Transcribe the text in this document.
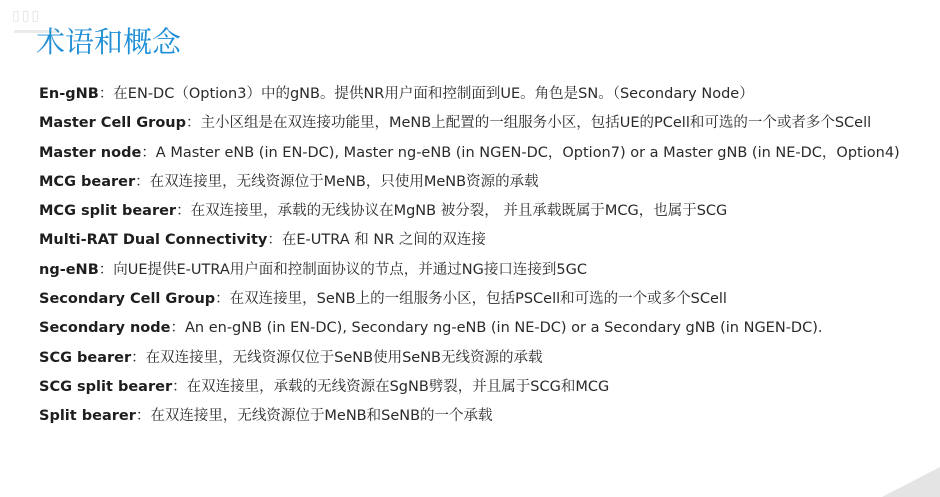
▯▯▯
术语和概念
En-gNB：在EN-DC（Option3）中的gNB。提供NR用户面和控制面到UE。角色是SN。（Secondary Node）
Master Cell Group：主小区组是在双连接功能里，MeNB上配置的一组服务小区，包括UE的PCell和可选的一个或者多个SCell
Master node：A Master eNB (in EN-DC), Master ng-eNB (in NGEN-DC，Option7) or a Master gNB (in NE-DC，Option4)
MCG bearer：在双连接里，无线资源位于MeNB，只使用MeNB资源的承载
MCG split bearer：在双连接里，承载的无线协议在MgNB 被分裂， 并且承载既属于MCG，也属于SCG
Multi-RAT Dual Connectivity：在E-UTRA 和 NR 之间的双连接
ng-eNB：向UE提供E-UTRA用户面和控制面协议的节点，并通过NG接口连接到5GC
Secondary Cell Group：在双连接里，SeNB上的一组服务小区，包括PSCell和可选的一个或多个SCell
Secondary node：An en-gNB (in EN-DC), Secondary ng-eNB (in NE-DC) or a Secondary gNB (in NGEN-DC).
SCG bearer：在双连接里，无线资源仅位于SeNB使用SeNB无线资源的承载
SCG split bearer：在双连接里，承载的无线资源在SgNB劈裂，并且属于SCG和MCG
Split bearer：在双连接里，无线资源位于MeNB和SeNB的一个承载
